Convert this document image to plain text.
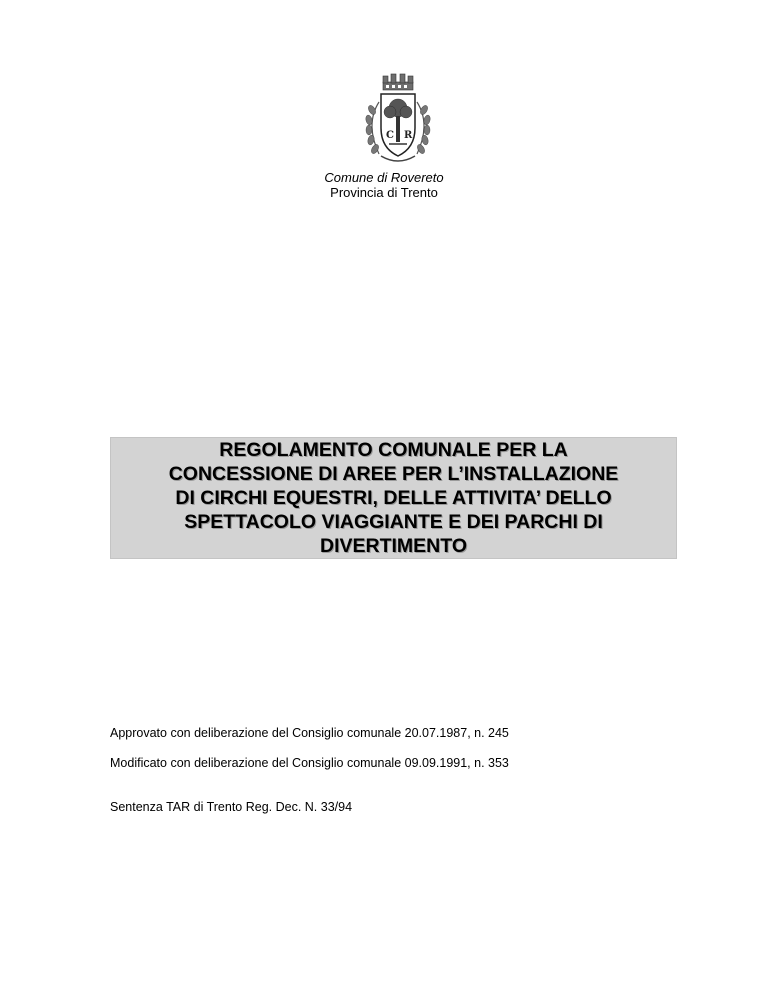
C R
Comune di Rovereto
Provincia di Trento

REGOLAMENTO COMUNALE PER LA
CONCESSIONE DI AREE PER L’INSTALLAZIONE
DI CIRCHI EQUESTRI, DELLE ATTIVITA’ DELLO
SPETTACOLO VIAGGIANTE E DEI PARCHI DI
DIVERTIMENTO

Approvato con deliberazione del Consiglio comunale 20.07.1987, n. 245
Modificato con deliberazione del Consiglio comunale 09.09.1991, n. 353
Sentenza TAR di Trento Reg. Dec. N. 33/94
